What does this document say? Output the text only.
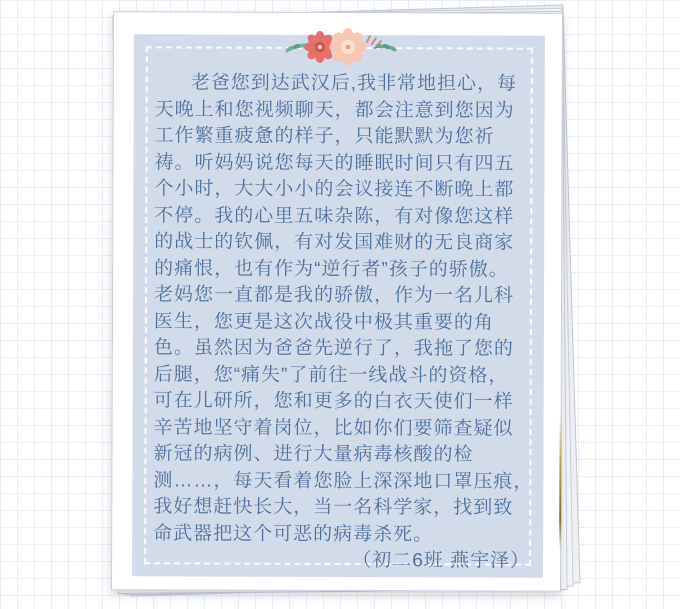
老爸您到达武汉后,我非常地担心，每
天晚上和您视频聊天，都会注意到您因为
工作繁重疲惫的样子，只能默默为您祈
祷。听妈妈说您每天的睡眠时间只有四五
个小时，大大小小的会议接连不断晚上都
不停。我的心里五味杂陈，有对像您这样
的战士的钦佩，有对发国难财的无良商家
的痛恨，也有作为“逆行者”孩子的骄傲。
老妈您一直都是我的骄傲，作为一名儿科
医生，您更是这次战役中极其重要的角
色。虽然因为爸爸先逆行了，我拖了您的
后腿，您“痛失”了前往一线战斗的资格，
可在儿研所，您和更多的白衣天使们一样
辛苦地坚守着岗位，比如你们要筛查疑似
新冠的病例、进行大量病毒核酸的检
测……，每天看着您脸上深深地口罩压痕，
我好想赶快长大，当一名科学家，找到致
命武器把这个可恶的病毒杀死。
（初二6班 燕宇泽）
